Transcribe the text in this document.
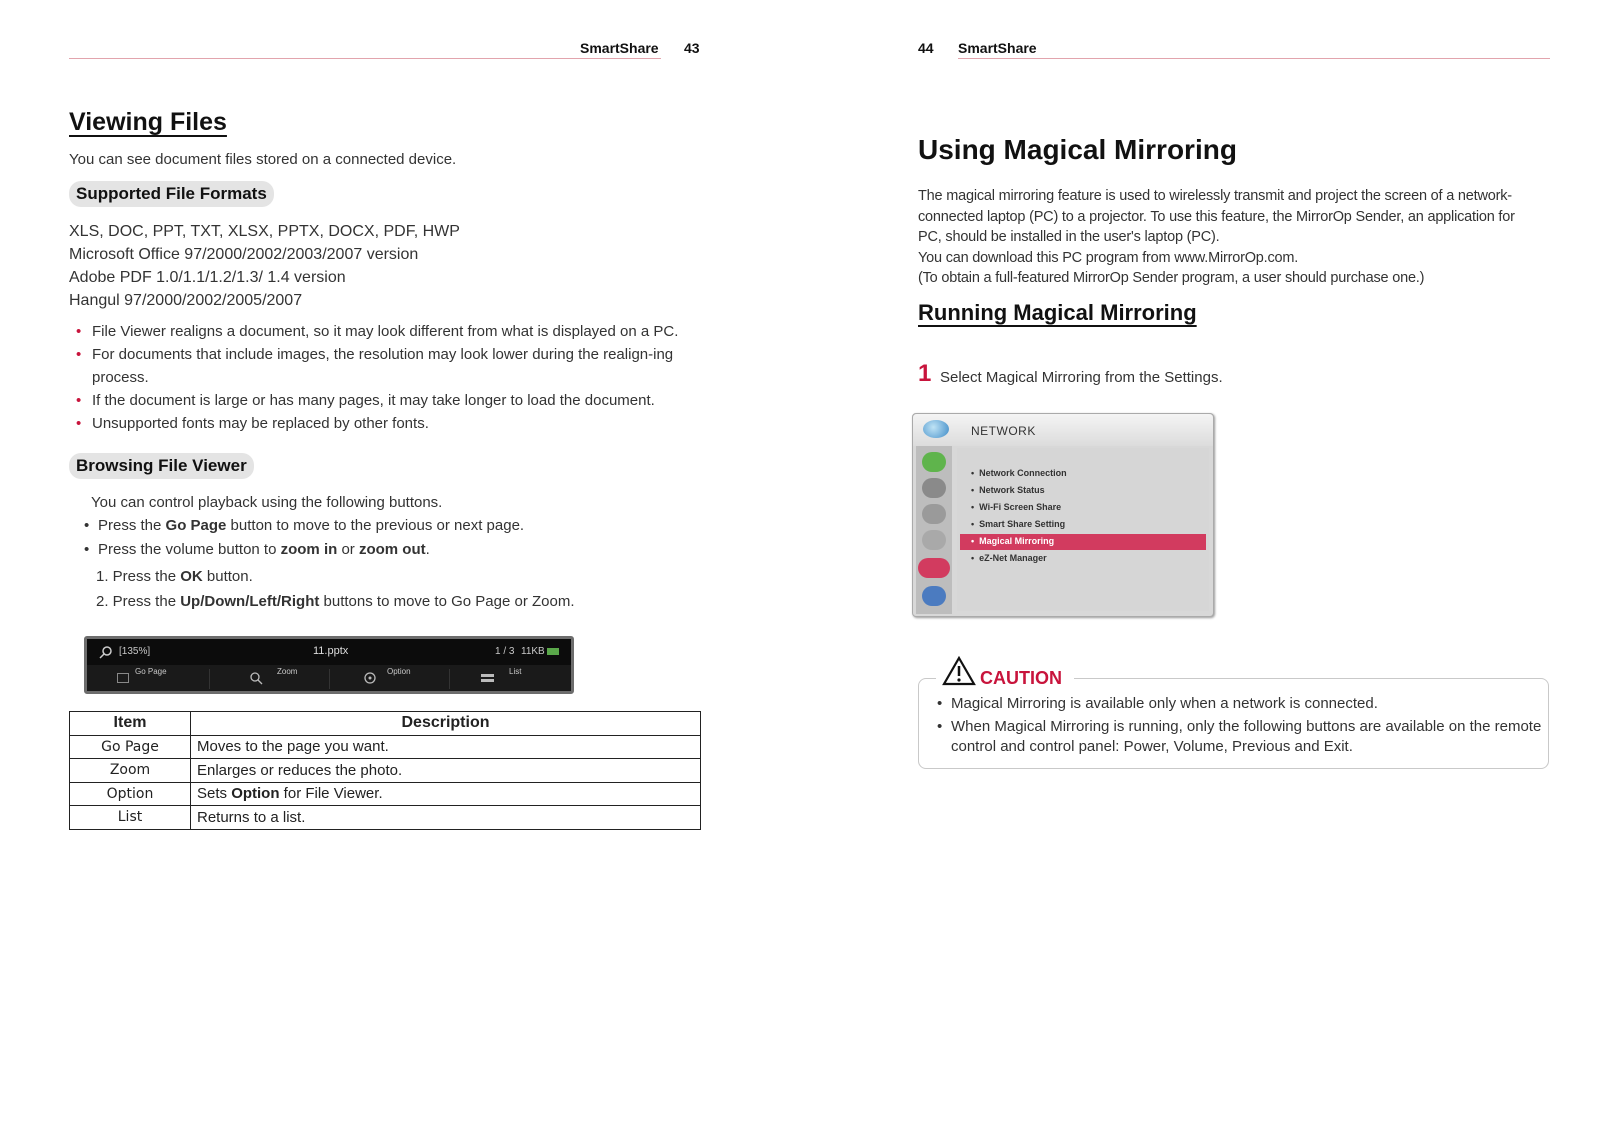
SmartShare 43
Viewing Files
You can see document files stored on a connected device.
Supported File Formats
XLS, DOC, PPT, TXT, XLSX, PPTX, DOCX, PDF, HWP
Microsoft Office 97/2000/2002/2003/2007 version
Adobe PDF 1.0/1.1/1.2/1.3/ 1.4 version
Hangul 97/2000/2002/2005/2007
• File Viewer realigns a document, so it may look different from what is displayed on a PC.
• For documents that include images, the resolution may look lower during the realign-ing process.
• If the document is large or has many pages, it may take longer to load the document.
• Unsupported fonts may be replaced by other fonts.
Browsing File Viewer
You can control playback using the following buttons.
• Press the Go Page button to move to the previous or next page.
• Press the volume button to zoom in or zoom out.
1. Press the OK button.
2. Press the Up/Down/Left/Right buttons to move to Go Page or Zoom.
[135%]	11.pptx	1 / 3 11KB
Go Page	Zoom	Option	List
Item	Description
Go Page	Moves to the page you want.
Zoom	Enlarges or reduces the photo.
Option	Sets Option for File Viewer.
List	Returns to a list.
44 SmartShare
Using Magical Mirroring
The magical mirroring feature is used to wirelessly transmit and project the screen of a network-
connected laptop (PC) to a projector. To use this feature, the MirrorOp Sender, an application for
PC, should be installed in the user's laptop (PC).
You can download this PC program from www.MirrorOp.com.
(To obtain a full-featured MirrorOp Sender program, a user should purchase one.)
Running Magical Mirroring
1 Select Magical Mirroring from the Settings.
NETWORK
•  Network Connection
•  Network Status
•  Wi-Fi Screen Share
•  Smart Share Setting
•  Magical Mirroring
•  eZ-Net Manager
• Magical Mirroring is available only when a network is connected.
• When Magical Mirroring is running, only the following buttons are available on the remote control and control panel: Power, Volume, Previous and Exit.
CAUTION
